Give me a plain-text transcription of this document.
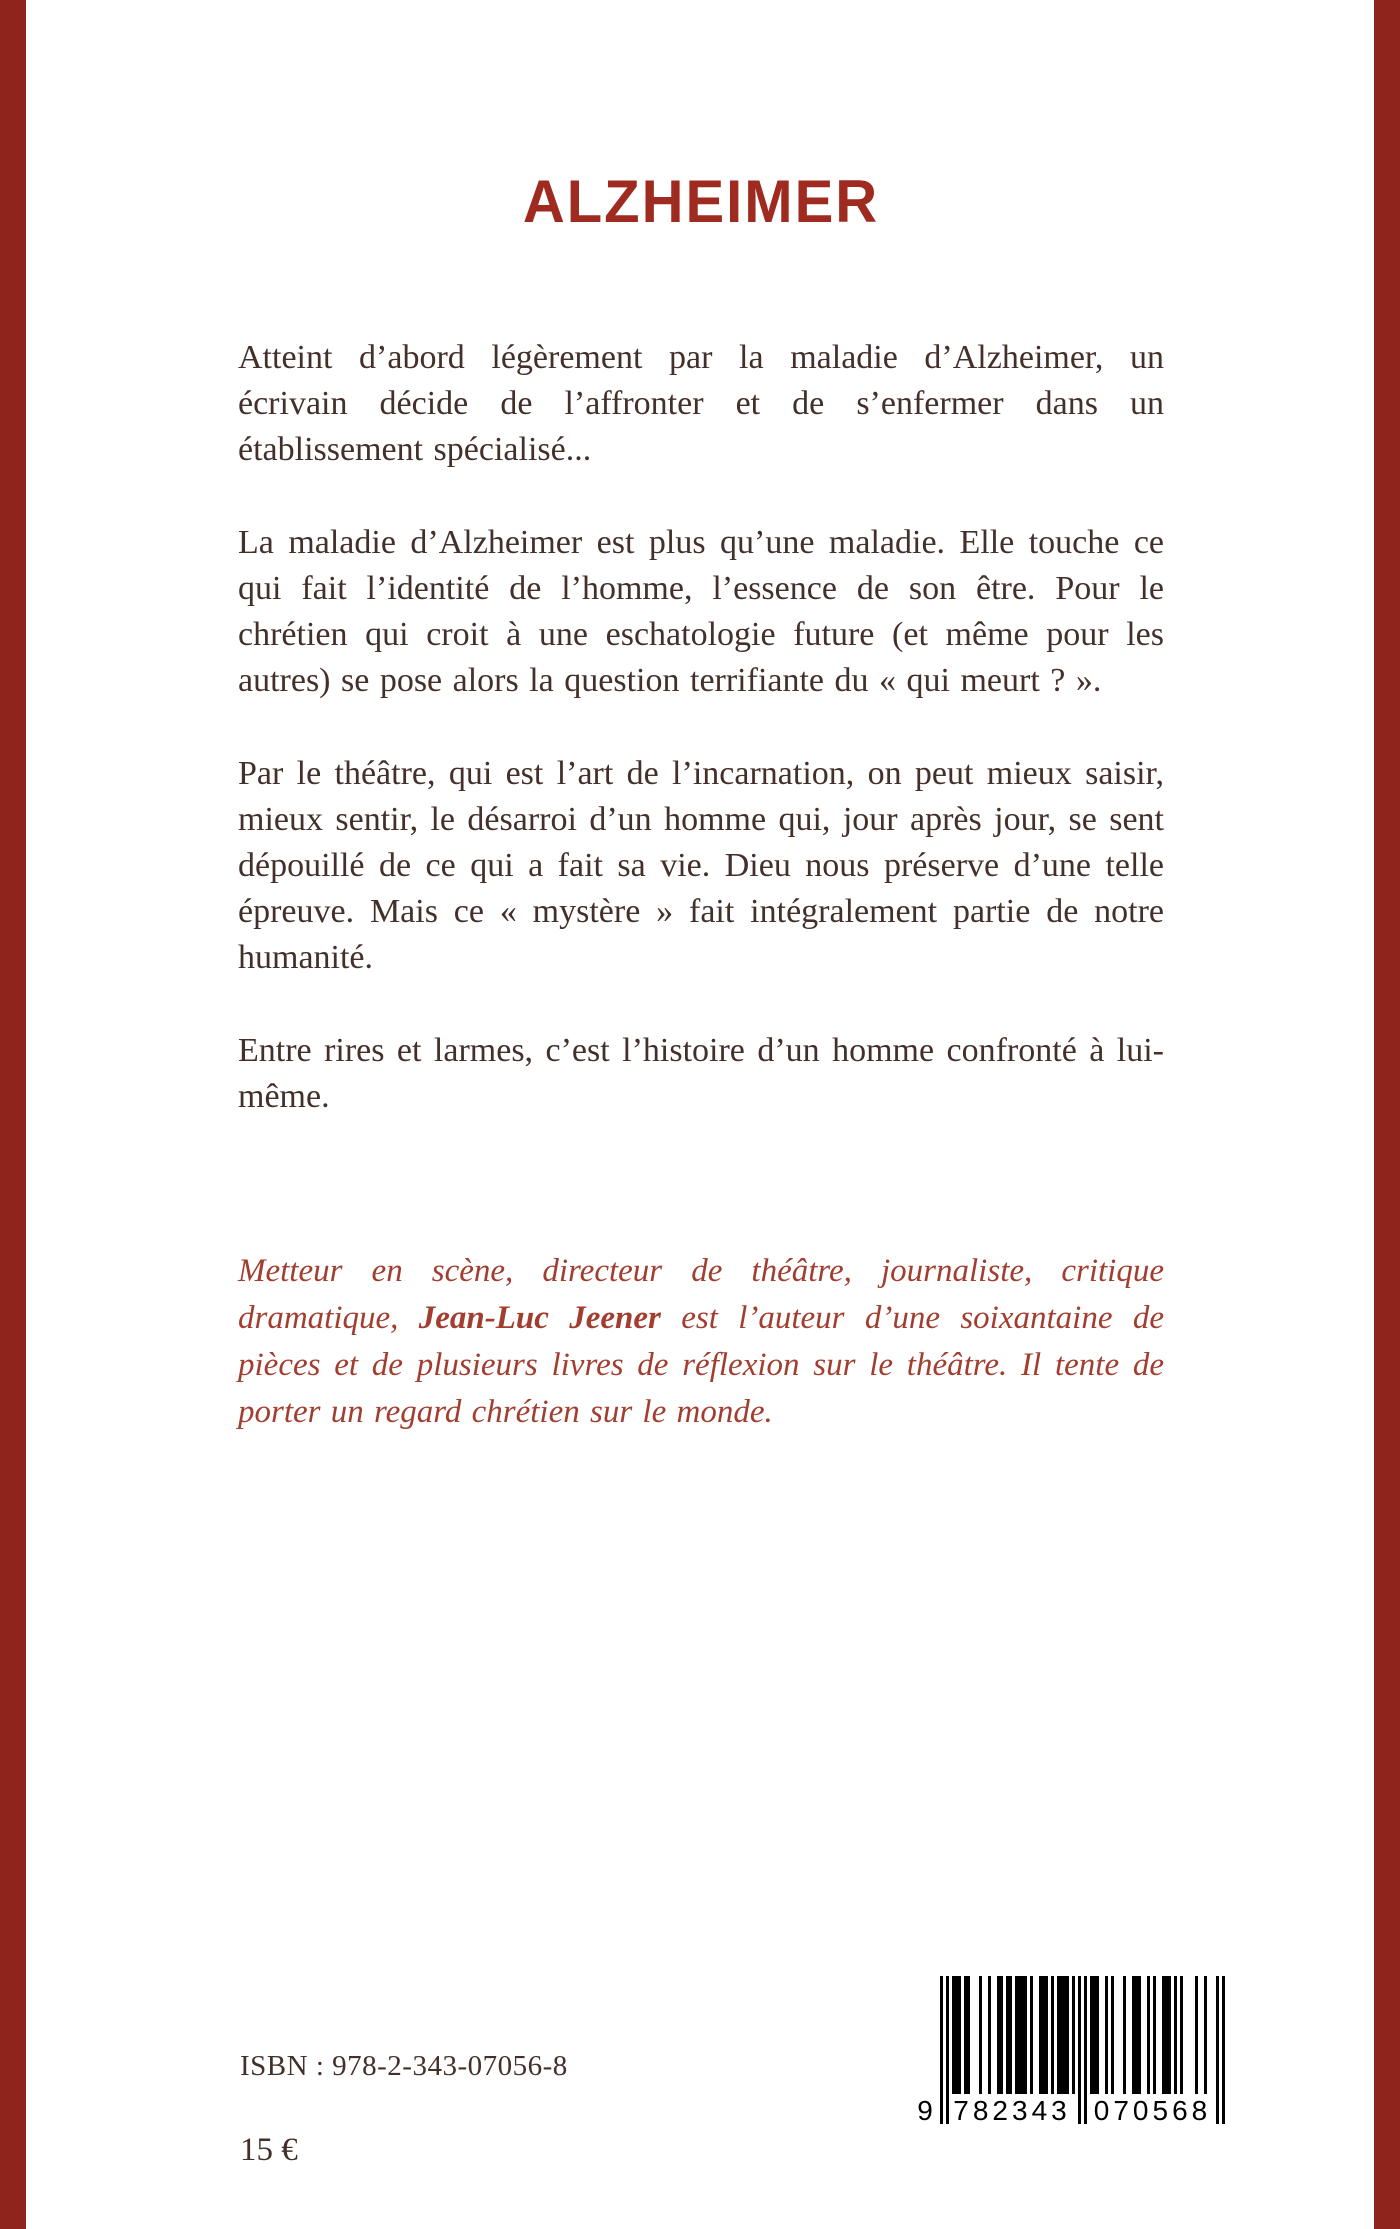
ALZHEIMER

Atteint d’abord légèrement par la maladie d’Alzheimer, un écrivain décide de l’affronter et de s’enfermer dans un établissement spécialisé...

La maladie d’Alzheimer est plus qu’une maladie. Elle touche ce qui fait l’identité de l’homme, l’essence de son être. Pour le chrétien qui croit à une eschatologie future (et même pour les autres) se pose alors la question terrifiante du « qui meurt ? ».

Par le théâtre, qui est l’art de l’incarnation, on peut mieux saisir, mieux sentir, le désarroi d’un homme qui, jour après jour, se sent dépouillé de ce qui a fait sa vie. Dieu nous préserve d’une telle épreuve. Mais ce « mystère » fait intégralement partie de notre humanité.

Entre rires et larmes, c’est l’histoire d’un homme confronté à lui-même.

Metteur en scène, directeur de théâtre, journaliste, critique dramatique, Jean-Luc Jeener est l’auteur d’une soixantaine de pièces et de plusieurs livres de réflexion sur le théâtre. Il tente de porter un regard chrétien sur le monde.

ISBN : 978-2-343-07056-8
15 €
9 782343 070568
